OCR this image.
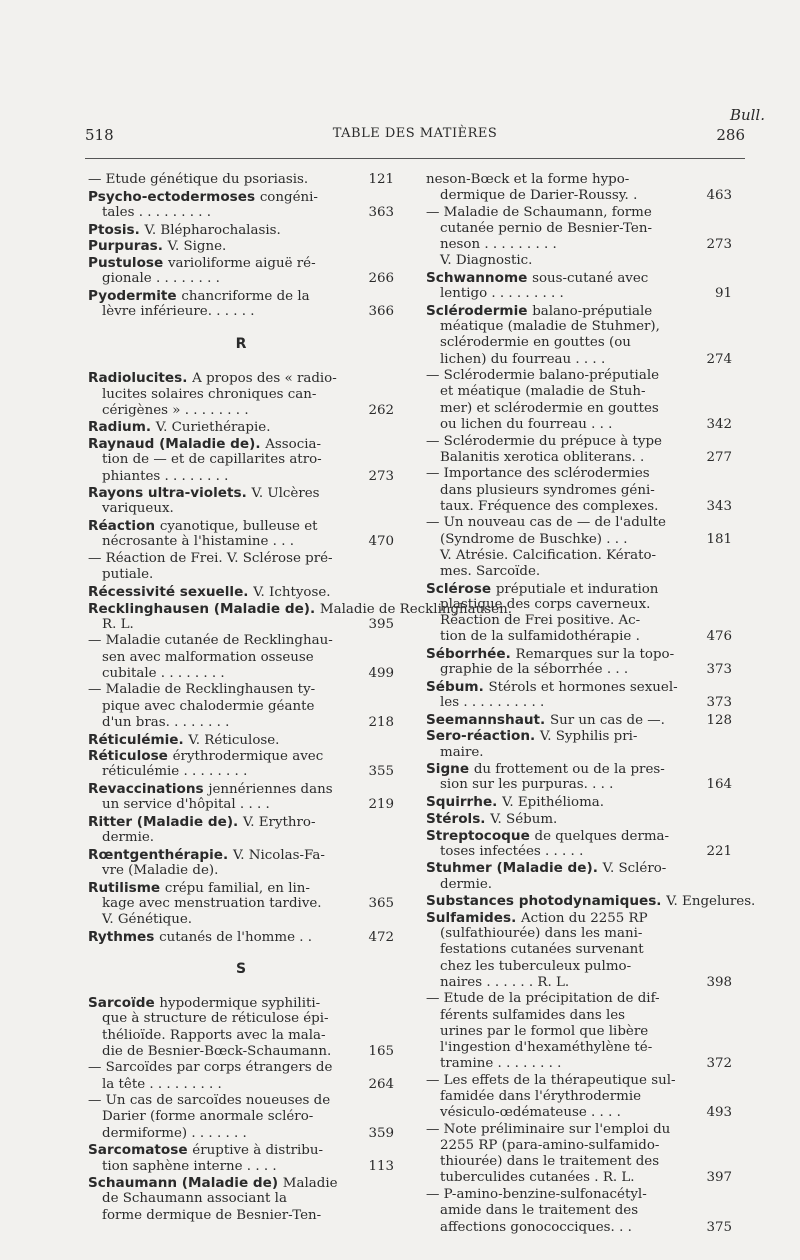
Bull.
518	TABLE DES MATIÈRES	286
— Etude génétique du psoriasis.	121
Psycho-ectodermoses congéni-
tales . . . . . . . . .	363
Ptosis. V. Blépharochalasis.
Purpuras. V. Signe.
Pustulose varioliforme aiguë ré-
gionale . . . . . . . .	266
Pyodermite chancriforme de la
lèvre inférieure. . . . . .	366
R
Radiolucites. A propos des « radio-
lucites solaires chroniques can-
cérigènes » . . . . . . . .	262
Radium. V. Curiethérapie.
Raynaud (Maladie de). Associa-
tion de — et de capillarites atro-
phiantes . . . . . . . .	273
Rayons ultra-violets. V. Ulcères
variqueux.
Réaction cyanotique, bulleuse et
nécrosante à l'histamine . . .	470
— Réaction de Frei. V. Sclérose pré-
putiale.
Récessivité sexuelle. V. Ichtyose.
Recklinghausen (Maladie de). Maladie de Recklinghausen.
R. L.	395
— Maladie cutanée de Recklinghau-
sen avec malformation osseuse
cubitale . . . . . . . .	499
— Maladie de Recklinghausen ty-
pique avec chalodermie géante
d'un bras. . . . . . . .	218
Réticulémie. V. Réticulose.
Réticulose érythrodermique avec
réticulémie . . . . . . . .	355
Revaccinations jennériennes dans
un service d'hôpital . . . .	219
Ritter (Maladie de). V. Erythro-
dermie.
Rœntgenthérapie. V. Nicolas-Fa-
vre (Maladie de).
Rutilisme crépu familial, en lin-
kage avec menstruation tardive.	365
V. Génétique.
Rythmes cutanés de l'homme . .	472
S
Sarcoïde hypodermique syphiliti-
que à structure de réticulose épi-
thélioïde. Rapports avec la mala-
die de Besnier-Bœck-Schaumann.	165
— Sarcoïdes par corps étrangers de
la tête . . . . . . . . .	264
— Un cas de sarcoïdes noueuses de
Darier (forme anormale scléro-
dermiforme) . . . . . . .	359
Sarcomatose éruptive à distribu-
tion saphène interne . . . .	113
Schaumann (Maladie de) Maladie
de Schaumann associant la
forme dermique de Besnier-Ten-
neson-Bœck et la forme hypo-
dermique de Darier-Roussy. .	463
— Maladie de Schaumann, forme
cutanée pernio de Besnier-Ten-
neson . . . . . . . . .	273
V. Diagnostic.
Schwannome sous-cutané avec
lentigo . . . . . . . . .	91
Sclérodermie balano-préputiale
méatique (maladie de Stuhmer),
sclérodermie en gouttes (ou
lichen) du fourreau . . . .	274
— Sclérodermie balano-préputiale
et méatique (maladie de Stuh-
mer) et sclérodermie en gouttes
ou lichen du fourreau . . .	342
— Sclérodermie du prépuce à type
Balanitis xerotica obliterans. .	277
— Importance des sclérodermies
dans plusieurs syndromes géni-
taux. Fréquence des complexes.	343
— Un nouveau cas de — de l'adulte
(Syndrome de Buschke) . . .	181
V. Atrésie. Calcification. Kérato-
mes. Sarcoïde.
Sclérose préputiale et induration
plastique des corps caverneux.
Réaction de Frei positive. Ac-
tion de la sulfamidothérapie .	476
Séborrhée. Remarques sur la topo-
graphie de la séborrhée . . .	373
Sébum. Stérols et hormones sexuel-
les . . . . . . . . . .	373
Seemannshaut. Sur un cas de —.	128
Sero-réaction. V. Syphilis pri-
maire.
Signe du frottement ou de la pres-
sion sur les purpuras. . . .	164
Squirrhe. V. Epithélioma.
Stérols. V. Sébum.
Streptocoque de quelques derma-
toses infectées . . . . .	221
Stuhmer (Maladie de). V. Scléro-
dermie.
Substances photodynamiques. V. Engelures.
Sulfamides. Action du 2255 RP
(sulfathiourée) dans les mani-
festations cutanées survenant
chez les tuberculeux pulmo-
naires . . . . . . R. L.	398
— Etude de la précipitation de dif-
férents sulfamides dans les
urines par le formol que libère
l'ingestion d'hexaméthylène té-
tramine . . . . . . . .	372
— Les effets de la thérapeutique sul-
famidée dans l'érythrodermie
vésiculo-œdémateuse . . . .	493
— Note préliminaire sur l'emploi du
2255 RP (para-amino-sulfamido-
thiourée) dans le traitement des
tuberculides cutanées . R. L.	397
— P-amino-benzine-sulfonacétyl-
amide dans le traitement des
affections gonococciques. . .	375
